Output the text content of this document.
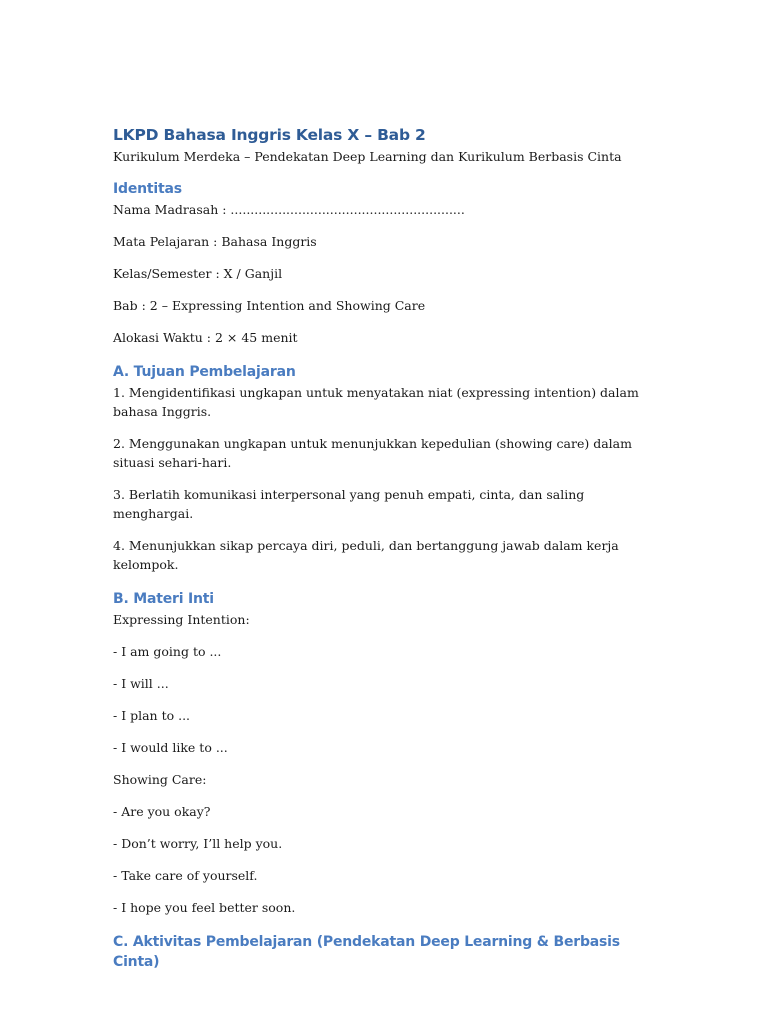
LKPD Bahasa Inggris Kelas X – Bab 2

Kurikulum Merdeka – Pendekatan Deep Learning dan Kurikulum Berbasis Cinta

Identitas

Nama Madrasah : ...........................................................

Mata Pelajaran : Bahasa Inggris

Kelas/Semester : X / Ganjil

Bab : 2 – Expressing Intention and Showing Care

Alokasi Waktu : 2 × 45 menit

A. Tujuan Pembelajaran

1. Mengidentifikasi ungkapan untuk menyatakan niat (expressing intention) dalam bahasa Inggris.

2. Menggunakan ungkapan untuk menunjukkan kepedulian (showing care) dalam situasi sehari-hari.

3. Berlatih komunikasi interpersonal yang penuh empati, cinta, dan saling menghargai.

4. Menunjukkan sikap percaya diri, peduli, dan bertanggung jawab dalam kerja kelompok.

B. Materi Inti

Expressing Intention:

- I am going to ...

- I will ...

- I plan to ...

- I would like to ...

Showing Care:

- Are you okay?

- Don’t worry, I’ll help you.

- Take care of yourself.

- I hope you feel better soon.

C. Aktivitas Pembelajaran (Pendekatan Deep Learning & Berbasis Cinta)
